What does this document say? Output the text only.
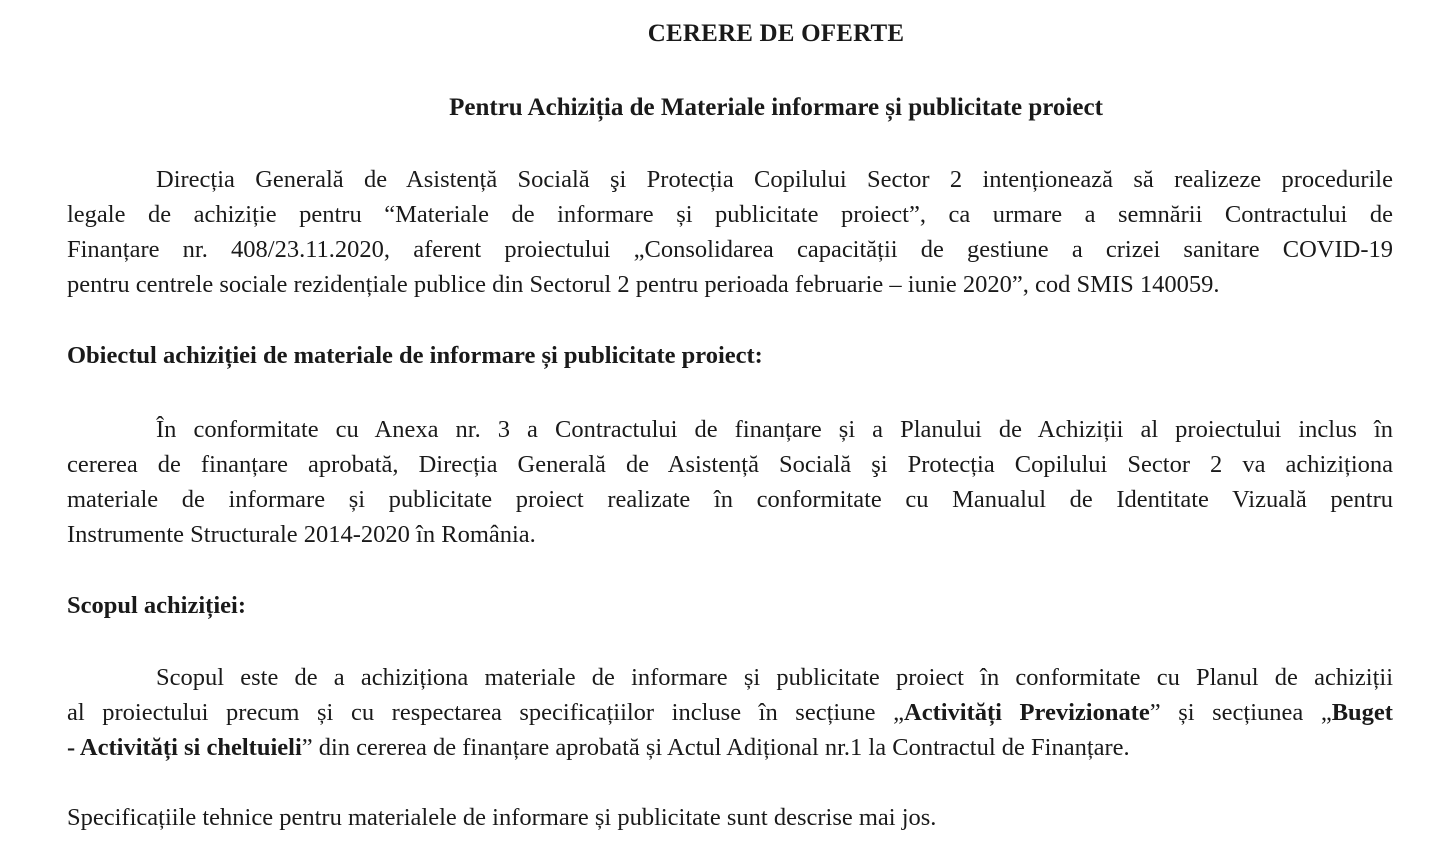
CERERE DE OFERTE
Pentru Achiziția de Materiale informare și publicitate proiect
Direcția Generală de Asistență Socială şi Protecția Copilului Sector 2 intenționează să realizeze procedurile
legale de achiziție pentru “Materiale de informare și publicitate proiect”, ca urmare a semnării Contractului de
Finanțare nr. 408/23.11.2020, aferent proiectului „Consolidarea capacității de gestiune a crizei sanitare COVID-19
pentru centrele sociale rezidențiale publice din Sectorul 2 pentru perioada februarie – iunie 2020”, cod SMIS 140059.
Obiectul achiziției de materiale de informare și publicitate proiect:
În conformitate cu Anexa nr. 3 a Contractului de finanțare și a Planului de Achiziții al proiectului inclus în
cererea de finanțare aprobată, Direcția Generală de Asistență Socială şi Protecția Copilului Sector 2 va achiziționa
materiale de informare și publicitate proiect realizate în conformitate cu Manualul de Identitate Vizuală pentru
Instrumente Structurale 2014-2020 în România.
Scopul achiziției:
Scopul este de a achiziționa materiale de informare și publicitate proiect în conformitate cu Planul de achiziții
al proiectului precum și cu respectarea specificațiilor incluse în secțiune „Activități Previzionate” și secțiunea „Buget
- Activități si cheltuieli” din cererea de finanțare aprobată și Actul Adițional nr.1 la Contractul de Finanțare.
Specificațiile tehnice pentru materialele de informare și publicitate sunt descrise mai jos.
